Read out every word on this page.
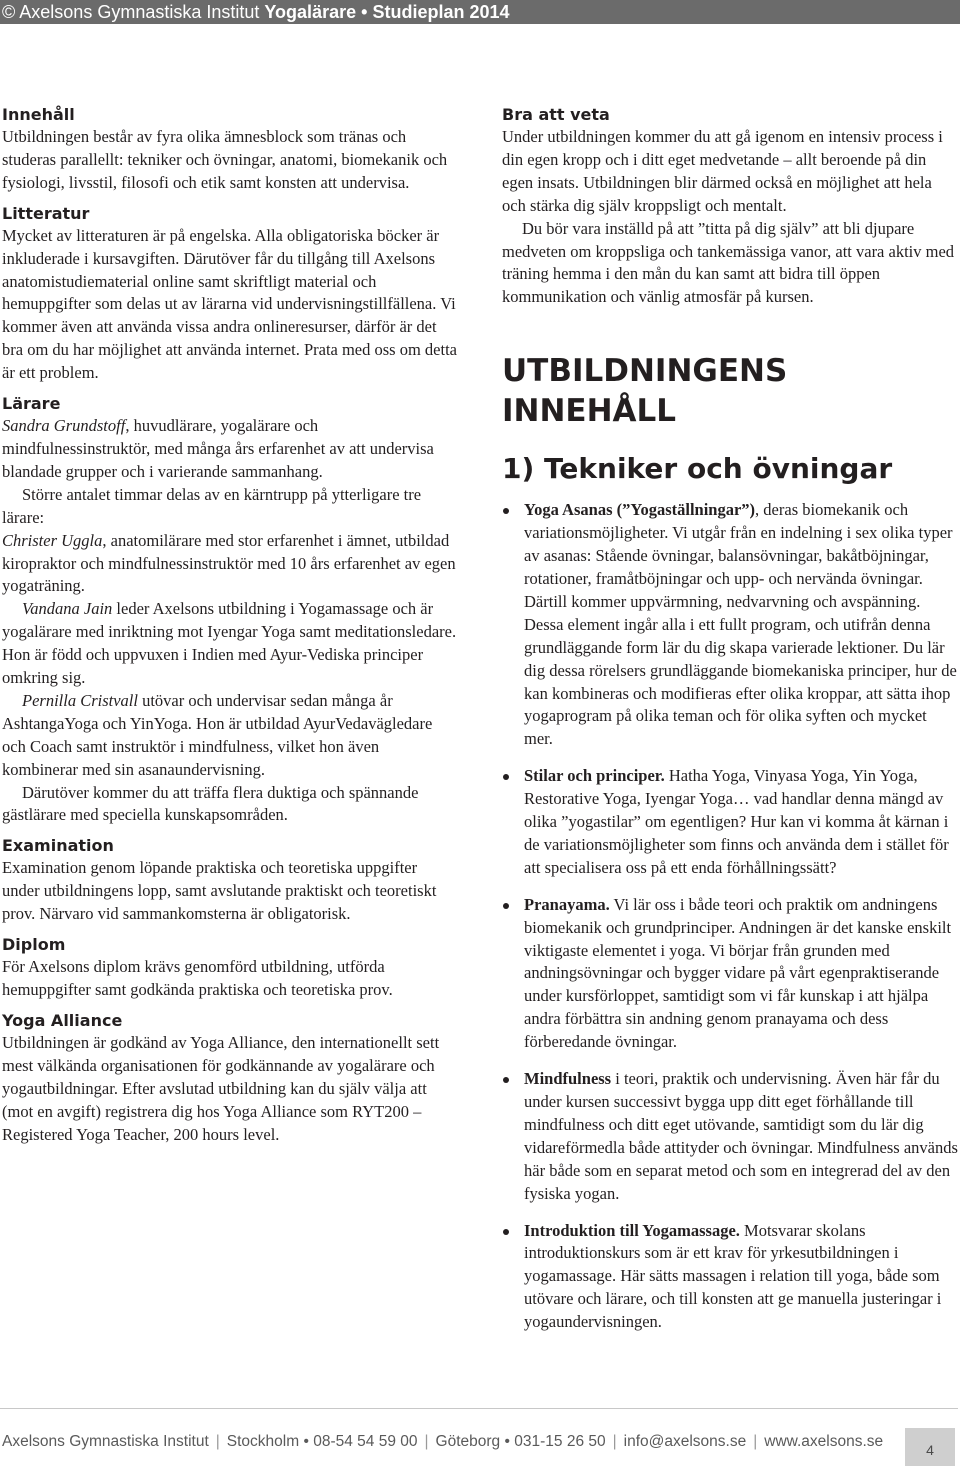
© Axelsons Gymnastiska Institut Yogalärare • Studieplan 2014
Innehåll

Utbildningen består av fyra olika ämnesblock som tränas och studeras parallellt: tekniker och övningar, anatomi, biomekanik och fysiologi, livsstil, filosofi och etik samt konsten att undervisa.

Litteratur

Mycket av litteraturen är på engelska. Alla obligatoriska böcker är inkluderade i kursavgiften. Därutöver får du tillgång till Axelsons anatomistudiematerial online samt skriftligt material och hemuppgifter som delas ut av lärarna vid undervisningstillfällena. Vi kommer även att använda vissa andra onlineresurser, därför är det bra om du har möjlighet att använda internet. Prata med oss om detta är ett problem.

Lärare

Sandra Grundstoff, huvudlärare, yogalärare och mindfulnessinstruktör, med många års erfarenhet av att undervisa blandade grupper och i varierande sammanhang.

Större antalet timmar delas av en kärntrupp på ytterligare tre lärare:

Christer Uggla, anatomilärare med stor erfarenhet i ämnet, utbildad kiropraktor och mindfulnessinstruktör med 10 års erfarenhet av egen yogaträning.

Vandana Jain leder Axelsons utbildning i Yogamassage och är yogalärare med inriktning mot Iyengar Yoga samt meditationsledare. Hon är född och uppvuxen i Indien med Ayur-Vediska principer omkring sig.

Pernilla Cristvall utövar och undervisar sedan många år AshtangaYoga och YinYoga. Hon är utbildad AyurVedavägledare och Coach samt instruktör i mindfulness, vilket hon även kombinerar med sin asanaundervisning.

Därutöver kommer du att träffa flera duktiga och spännande gästlärare med speciella kunskapsområden.

Examination

Examination genom löpande praktiska och teoretiska uppgifter under utbildningens lopp, samt avslutande praktiskt och teoretiskt prov. Närvaro vid sammankomsterna är obligatorisk.

Diplom

För Axelsons diplom krävs genomförd utbildning, utförda hemuppgifter samt godkända praktiska och teoretiska prov.

Yoga Alliance

Utbildningen är godkänd av Yoga Alliance, den internationellt sett mest välkända organisationen för godkännande av yogalärare och yogautbildningar. Efter avslutad utbildning kan du själv välja att (mot en avgift) registrera dig hos Yoga Alliance som RYT200 – Registered Yoga Teacher, 200 hours level.

Bra att veta

Under utbildningen kommer du att gå igenom en intensiv process i din egen kropp och i ditt eget medvetande – allt beroende på din egen insats. Utbildningen blir därmed också en möjlighet att hela och stärka dig själv kroppsligt och mentalt.

Du bör vara inställd på att ”titta på dig själv” att bli djupare medveten om kroppsliga och tankemässiga vanor, att vara aktiv med träning hemma i den mån du kan samt att bidra till öppen kommunikation och vänlig atmosfär på kursen.

UTBILDNINGENS INNEHÅLL
1) Tekniker och övningar

Yoga Asanas (”Yogaställningar”), deras biomekanik och variationsmöjligheter. Vi utgår från en indelning i sex olika typer av asanas: Stående övningar, balansövningar, bakåtböjningar, rotationer, framåtböjningar och upp- och nervända övningar. Därtill kommer uppvärmning, nedvarvning och avspänning. Dessa element ingår alla i ett fullt program, och utifrån denna grundläggande form lär du dig skapa varierade lektioner. Du lär dig dessa rörelsers grundläggande biomekaniska principer, hur de kan kombineras och modifieras efter olika kroppar, att sätta ihop yogaprogram på olika teman och för olika syften och mycket mer.

Stilar och principer. Hatha Yoga, Vinyasa Yoga, Yin Yoga, Restorative Yoga, Iyengar Yoga… vad handlar denna mängd av olika ”yogastilar” om egentligen? Hur kan vi komma åt kärnan i de variationsmöjligheter som finns och använda dem i stället för att specialisera oss på ett enda förhållningssätt?

Pranayama. Vi lär oss i både teori och praktik om andningens biomekanik och grundprinciper. Andningen är det kanske enskilt viktigaste elementet i yoga. Vi börjar från grunden med andningsövningar och bygger vidare på vårt egenpraktiserande under kursförloppet, samtidigt som vi får kunskap i att hjälpa andra förbättra sin andning genom pranayama och dess förberedande övningar.

Mindfulness i teori, praktik och undervisning. Även här får du under kursen successivt bygga upp ditt eget förhållande till mindfulness och ditt eget utövande, samtidigt som du lär dig vidareförmedla både attityder och övningar. Mindfulness används här både som en separat metod och som en integrerad del av den fysiska yogan.

Introduktion till Yogamassage. Motsvarar skolans introduktionskurs som är ett krav för yrkesutbildningen i yogamassage. Här sätts massagen i relation till yoga, både som utövare och lärare, och till konsten att ge manuella justeringar i yogaundervisningen.

Axelsons Gymnastiska Institut | Stockholm • 08-54 54 59 00 | Göteborg • 031-15 26 50 | info@axelsons.se | www.axelsons.se	4
